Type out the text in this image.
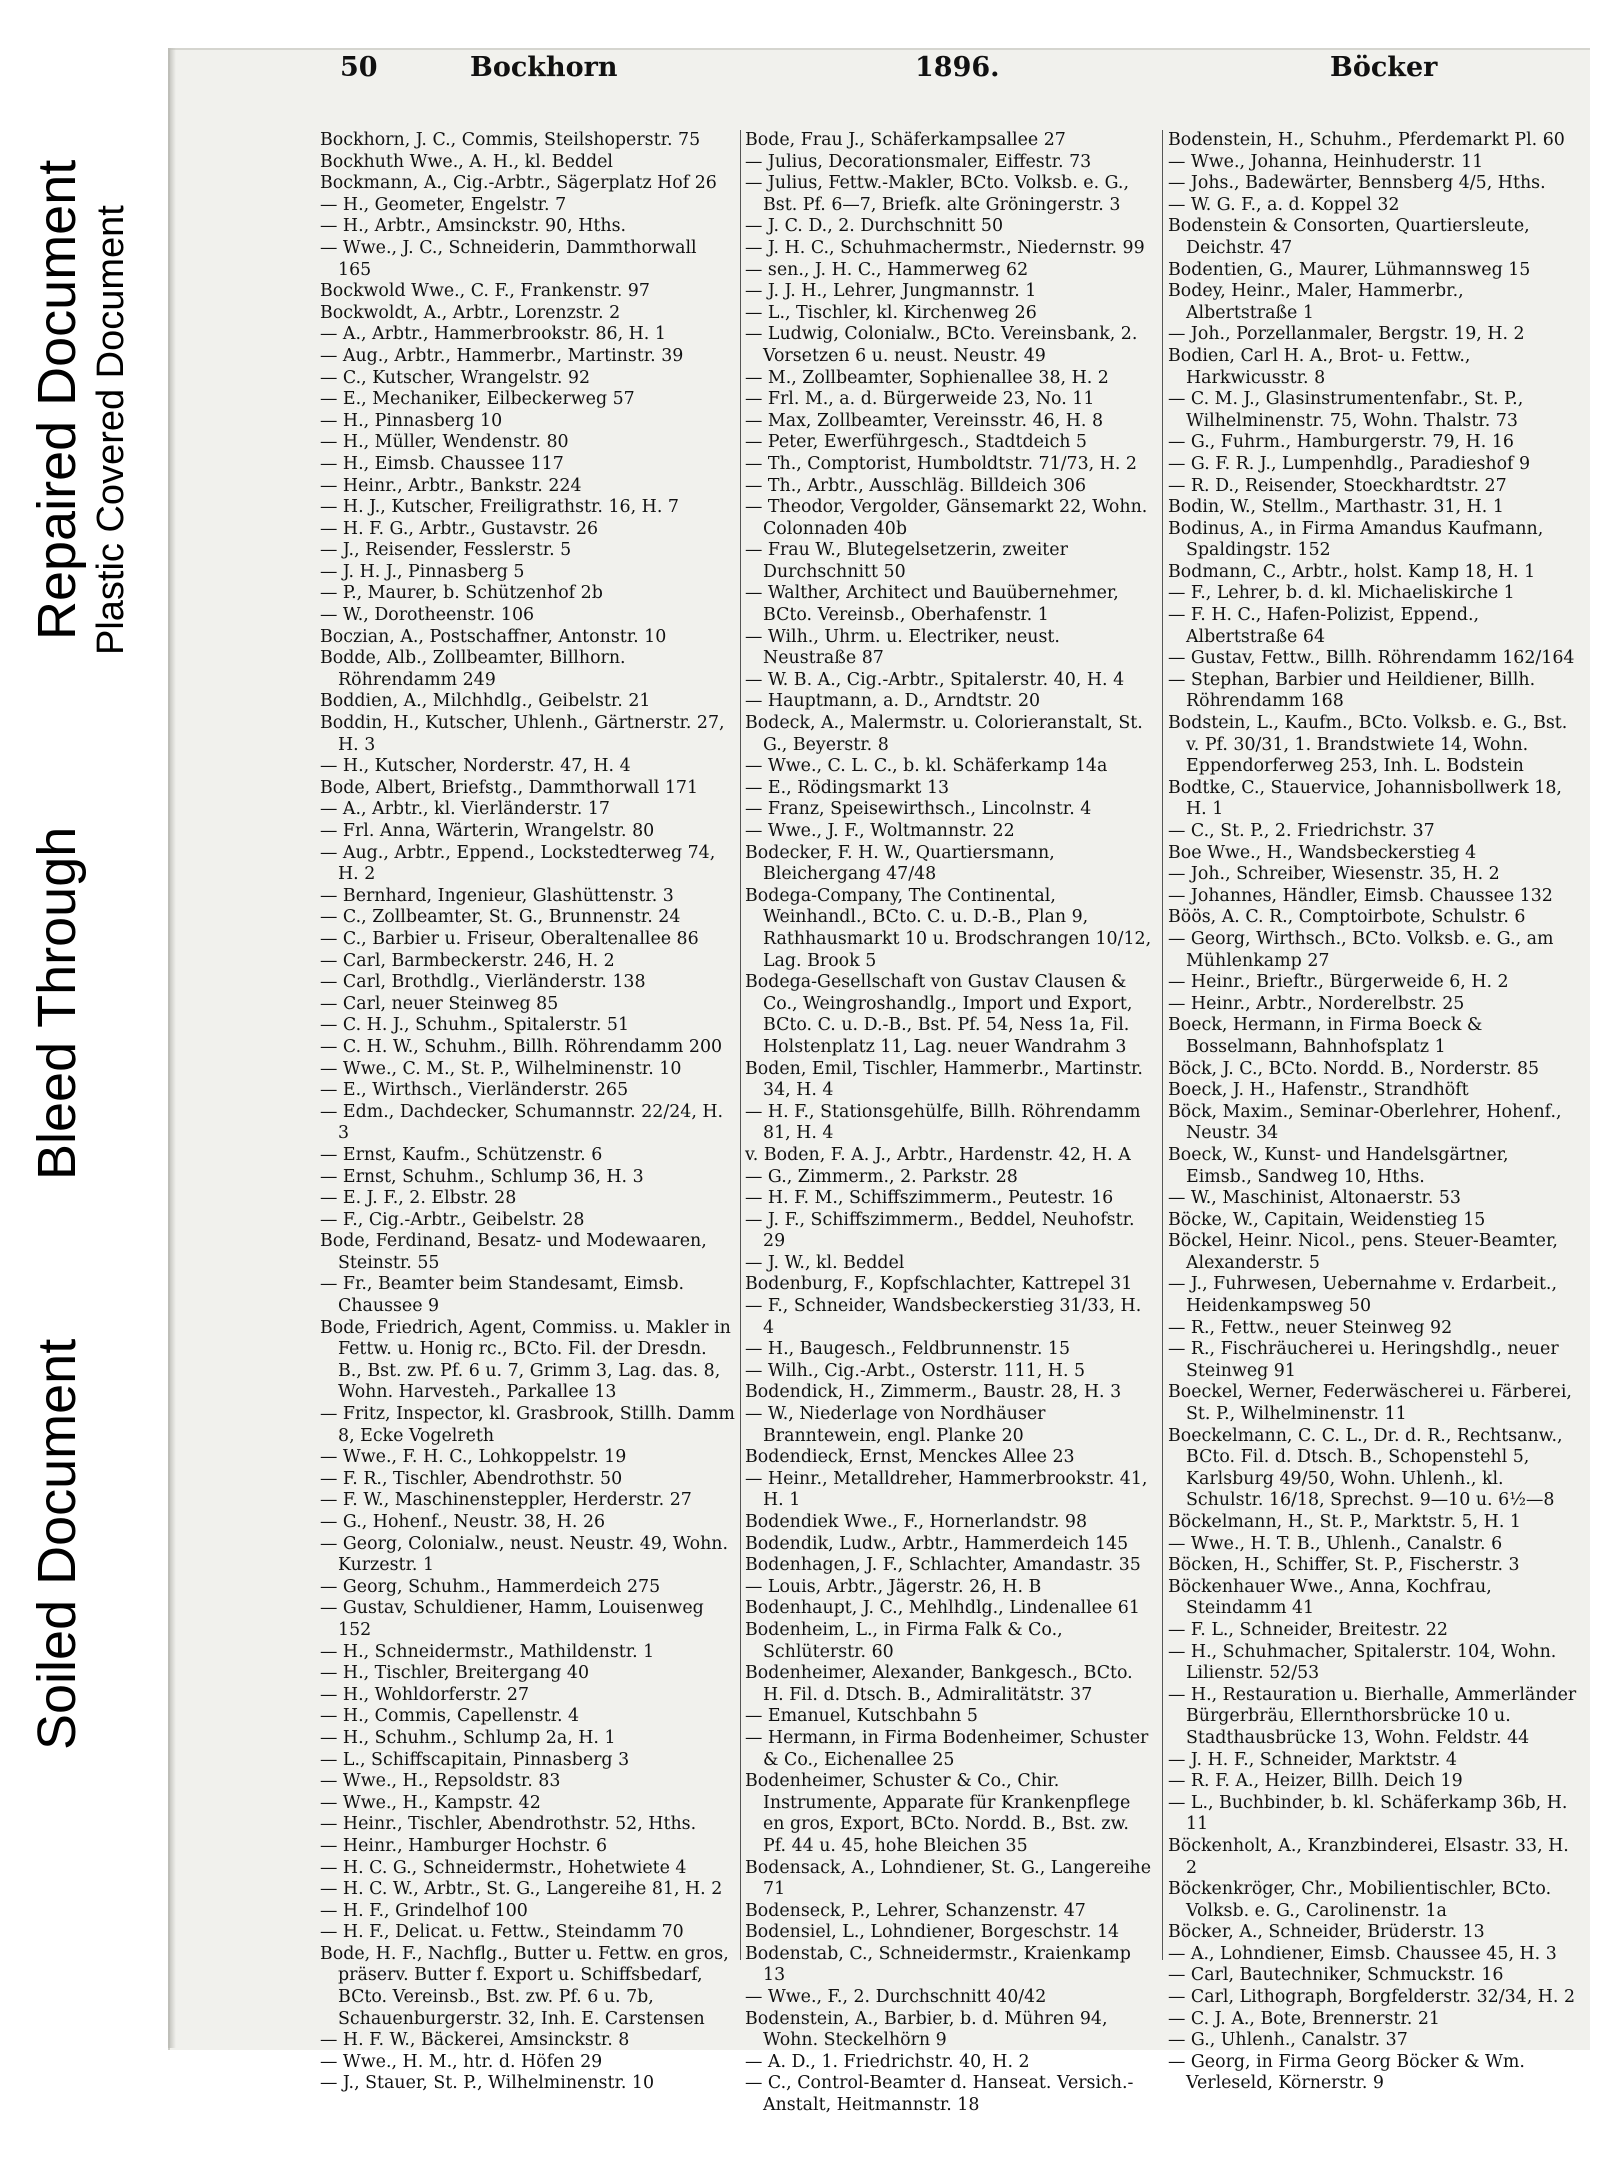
Soiled Document
Bleed Through
Repaired Document Plastic Covered Document
50	Bockhorn	1896.	Böcker
Bockhorn, J. C., Commis, Steilshoperstr. 75
Bockhuth Wwe., A. H., kl. Beddel
Bockmann, A., Cig.-Arbtr., Sägerplatz Hof 26
— H., Geometer, Engelstr. 7
— H., Arbtr., Amsinckstr. 90, Hths.
— Wwe., J. C., Schneiderin, Dammthorwall 165
Bockwold Wwe., C. F., Frankenstr. 97
Bockwoldt, A., Arbtr., Lorenzstr. 2
— A., Arbtr., Hammerbrookstr. 86, H. 1
— Aug., Arbtr., Hammerbr., Martinstr. 39
— C., Kutscher, Wrangelstr. 92
— E., Mechaniker, Eilbeckerweg 57
— H., Pinnasberg 10
— H., Müller, Wendenstr. 80
— H., Eimsb. Chaussee 117
— Heinr., Arbtr., Bankstr. 224
— H. J., Kutscher, Freiligrathstr. 16, H. 7
— H. F. G., Arbtr., Gustavstr. 26
— J., Reisender, Fesslerstr. 5
— J. H. J., Pinnasberg 5
— P., Maurer, b. Schützenhof 2b
— W., Dorotheenstr. 106
Boczian, A., Postschaffner, Antonstr. 10
Bodde, Alb., Zollbeamter, Billhorn. Röhrendamm 249
Boddien, A., Milchhdlg., Geibelstr. 21
Boddin, H., Kutscher, Uhlenh., Gärtnerstr. 27, H. 3
— H., Kutscher, Norderstr. 47, H. 4
Bode, Albert, Briefstg., Dammthorwall 171
— A., Arbtr., kl. Vierländerstr. 17
— Frl. Anna, Wärterin, Wrangelstr. 80
— Aug., Arbtr., Eppend., Lockstedterweg 74, H. 2
— Bernhard, Ingenieur, Glashüttenstr. 3
— C., Zollbeamter, St. G., Brunnenstr. 24
— C., Barbier u. Friseur, Oberaltenallee 86
— Carl, Barmbeckerstr. 246, H. 2
— Carl, Brothdlg., Vierländerstr. 138
— Carl, neuer Steinweg 85
— C. H. J., Schuhm., Spitalerstr. 51
— C. H. W., Schuhm., Billh. Röhrendamm 200
— Wwe., C. M., St. P., Wilhelminenstr. 10
— E., Wirthsch., Vierländerstr. 265
— Edm., Dachdecker, Schumannstr. 22/24, H. 3
— Ernst, Kaufm., Schützenstr. 6
— Ernst, Schuhm., Schlump 36, H. 3
— E. J. F., 2. Elbstr. 28
— F., Cig.-Arbtr., Geibelstr. 28
Bode, Ferdinand, Besatz- und Modewaaren, Steinstr. 55
— Fr., Beamter beim Standesamt, Eimsb. Chaussee 9
Bode, Friedrich, Agent, Commiss. u. Makler in Fettw. u. Honig rc., BCto. Fil. der Dresdn. B., Bst. zw. Pf. 6 u. 7, Grimm 3, Lag. das. 8, Wohn. Harvesteh., Parkallee 13
— Fritz, Inspector, kl. Grasbrook, Stillh. Damm 8, Ecke Vogelreth
— Wwe., F. H. C., Lohkoppelstr. 19
— F. R., Tischler, Abendrothstr. 50
— F. W., Maschinensteppler, Herderstr. 27
— G., Hohenf., Neustr. 38, H. 26
— Georg, Colonialw., neust. Neustr. 49, Wohn. Kurzestr. 1
— Georg, Schuhm., Hammerdeich 275
— Gustav, Schuldiener, Hamm, Louisenweg 152
— H., Schneidermstr., Mathildenstr. 1
— H., Tischler, Breitergang 40
— H., Wohldorferstr. 27
— H., Commis, Capellenstr. 4
— H., Schuhm., Schlump 2a, H. 1
— L., Schiffscapitain, Pinnasberg 3
— Wwe., H., Repsoldstr. 83
— Wwe., H., Kampstr. 42
— Heinr., Tischler, Abendrothstr. 52, Hths.
— Heinr., Hamburger Hochstr. 6
— H. C. G., Schneidermstr., Hohetwiete 4
— H. C. W., Arbtr., St. G., Langereihe 81, H. 2
— H. F., Grindelhof 100
— H. F., Delicat. u. Fettw., Steindamm 70
Bode, H. F., Nachflg., Butter u. Fettw. en gros, präserv. Butter f. Export u. Schiffsbedarf, BCto. Vereinsb., Bst. zw. Pf. 6 u. 7b, Schauenburgerstr. 32, Inh. E. Carstensen
— H. F. W., Bäckerei, Amsinckstr. 8
— Wwe., H. M., htr. d. Höfen 29
— J., Stauer, St. P., Wilhelminenstr. 10
Bode, Frau J., Schäferkampsallee 27
— Julius, Decorationsmaler, Eiffestr. 73
— Julius, Fettw.-Makler, BCto. Volksb. e. G., Bst. Pf. 6—7, Briefk. alte Gröningerstr. 3
— J. C. D., 2. Durchschnitt 50
— J. H. C., Schuhmachermstr., Niedernstr. 99
— sen., J. H. C., Hammerweg 62
— J. J. H., Lehrer, Jungmannstr. 1
— L., Tischler, kl. Kirchenweg 26
— Ludwig, Colonialw., BCto. Vereinsbank, 2. Vorsetzen 6 u. neust. Neustr. 49
— M., Zollbeamter, Sophienallee 38, H. 2
— Frl. M., a. d. Bürgerweide 23, No. 11
— Max, Zollbeamter, Vereinsstr. 46, H. 8
— Peter, Ewerführgesch., Stadtdeich 5
— Th., Comptorist, Humboldtstr. 71/73, H. 2
— Th., Arbtr., Ausschläg. Billdeich 306
— Theodor, Vergolder, Gänsemarkt 22, Wohn. Colonnaden 40b
— Frau W., Blutegelsetzerin, zweiter Durchschnitt 50
— Walther, Architect und Bauübernehmer, BCto. Vereinsb., Oberhafenstr. 1
— Wilh., Uhrm. u. Electriker, neust. Neustraße 87
— W. B. A., Cig.-Arbtr., Spitalerstr. 40, H. 4
— Hauptmann, a. D., Arndtstr. 20
Bodeck, A., Malermstr. u. Colorieranstalt, St. G., Beyerstr. 8
— Wwe., C. L. C., b. kl. Schäferkamp 14a
— E., Rödingsmarkt 13
— Franz, Speisewirthsch., Lincolnstr. 4
— Wwe., J. F., Woltmannstr. 22
Bodecker, F. H. W., Quartiersmann, Bleichergang 47/48
Bodega-Company, The Continental, Weinhandl., BCto. C. u. D.-B., Plan 9, Rathhausmarkt 10 u. Brodschrangen 10/12, Lag. Brook 5
Bodega-Gesellschaft von Gustav Clausen & Co., Weingroshandlg., Import und Export, BCto. C. u. D.-B., Bst. Pf. 54, Ness 1a, Fil. Holstenplatz 11, Lag. neuer Wandrahm 3
Boden, Emil, Tischler, Hammerbr., Martinstr. 34, H. 4
— H. F., Stationsgehülfe, Billh. Röhrendamm 81, H. 4
v. Boden, F. A. J., Arbtr., Hardenstr. 42, H. A
— G., Zimmerm., 2. Parkstr. 28
— H. F. M., Schiffszimmerm., Peutestr. 16
— J. F., Schiffszimmerm., Beddel, Neuhofstr. 29
— J. W., kl. Beddel
Bodenburg, F., Kopfschlachter, Kattrepel 31
— F., Schneider, Wandsbeckerstieg 31/33, H. 4
— H., Baugesch., Feldbrunnenstr. 15
— Wilh., Cig.-Arbt., Osterstr. 111, H. 5
Bodendick, H., Zimmerm., Baustr. 28, H. 3
— W., Niederlage von Nordhäuser Branntewein, engl. Planke 20
Bodendieck, Ernst, Menckes Allee 23
— Heinr., Metalldreher, Hammerbrookstr. 41, H. 1
Bodendiek Wwe., F., Hornerlandstr. 98
Bodendik, Ludw., Arbtr., Hammerdeich 145
Bodenhagen, J. F., Schlachter, Amandastr. 35
— Louis, Arbtr., Jägerstr. 26, H. B
Bodenhaupt, J. C., Mehlhdlg., Lindenallee 61
Bodenheim, L., in Firma Falk & Co., Schlüterstr. 60
Bodenheimer, Alexander, Bankgesch., BCto. H. Fil. d. Dtsch. B., Admiralitätstr. 37
— Emanuel, Kutschbahn 5
— Hermann, in Firma Bodenheimer, Schuster & Co., Eichenallee 25
Bodenheimer, Schuster & Co., Chir. Instrumente, Apparate für Krankenpflege en gros, Export, BCto. Nordd. B., Bst. zw. Pf. 44 u. 45, hohe Bleichen 35
Bodensack, A., Lohndiener, St. G., Langereihe 71
Bodenseck, P., Lehrer, Schanzenstr. 47
Bodensiel, L., Lohndiener, Borgeschstr. 14
Bodenstab, C., Schneidermstr., Kraienkamp 13
— Wwe., F., 2. Durchschnitt 40/42
Bodenstein, A., Barbier, b. d. Mühren 94, Wohn. Steckelhörn 9
— A. D., 1. Friedrichstr. 40, H. 2
— C., Control-Beamter d. Hanseat. Versich.-Anstalt, Heitmannstr. 18
Bodenstein, H., Schuhm., Pferdemarkt Pl. 60
— Wwe., Johanna, Heinhuderstr. 11
— Johs., Badewärter, Bennsberg 4/5, Hths.
— W. G. F., a. d. Koppel 32
Bodenstein & Consorten, Quartiersleute, Deichstr. 47
Bodentien, G., Maurer, Lühmannsweg 15
Bodey, Heinr., Maler, Hammerbr., Albertstraße 1
— Joh., Porzellanmaler, Bergstr. 19, H. 2
Bodien, Carl H. A., Brot- u. Fettw., Harkwicusstr. 8
— C. M. J., Glasinstrumentenfabr., St. P., Wilhelminenstr. 75, Wohn. Thalstr. 73
— G., Fuhrm., Hamburgerstr. 79, H. 16
— G. F. R. J., Lumpenhdlg., Paradieshof 9
— R. D., Reisender, Stoeckhardtstr. 27
Bodin, W., Stellm., Marthastr. 31, H. 1
Bodinus, A., in Firma Amandus Kaufmann, Spaldingstr. 152
Bodmann, C., Arbtr., holst. Kamp 18, H. 1
— F., Lehrer, b. d. kl. Michaeliskirche 1
— F. H. C., Hafen-Polizist, Eppend., Albertstraße 64
— Gustav, Fettw., Billh. Röhrendamm 162/164
— Stephan, Barbier und Heildiener, Billh. Röhrendamm 168
Bodstein, L., Kaufm., BCto. Volksb. e. G., Bst. v. Pf. 30/31, 1. Brandstwiete 14, Wohn. Eppendorferweg 253, Inh. L. Bodstein
Bodtke, C., Stauervice, Johannisbollwerk 18, H. 1
— C., St. P., 2. Friedrichstr. 37
Boe Wwe., H., Wandsbeckerstieg 4
— Joh., Schreiber, Wiesenstr. 35, H. 2
— Johannes, Händler, Eimsb. Chaussee 132
Böös, A. C. R., Comptoirbote, Schulstr. 6
— Georg, Wirthsch., BCto. Volksb. e. G., am Mühlenkamp 27
— Heinr., Brieftr., Bürgerweide 6, H. 2
— Heinr., Arbtr., Norderelbstr. 25
Boeck, Hermann, in Firma Boeck & Bosselmann, Bahnhofsplatz 1
Böck, J. C., BCto. Nordd. B., Norderstr. 85
Boeck, J. H., Hafenstr., Strandhöft
Böck, Maxim., Seminar-Oberlehrer, Hohenf., Neustr. 34
Boeck, W., Kunst- und Handelsgärtner, Eimsb., Sandweg 10, Hths.
— W., Maschinist, Altonaerstr. 53
Böcke, W., Capitain, Weidenstieg 15
Böckel, Heinr. Nicol., pens. Steuer-Beamter, Alexanderstr. 5
— J., Fuhrwesen, Uebernahme v. Erdarbeit., Heidenkampsweg 50
— R., Fettw., neuer Steinweg 92
— R., Fischräucherei u. Heringshdlg., neuer Steinweg 91
Boeckel, Werner, Federwäscherei u. Färberei, St. P., Wilhelminenstr. 11
Boeckelmann, C. C. L., Dr. d. R., Rechtsanw., BCto. Fil. d. Dtsch. B., Schopenstehl 5, Karlsburg 49/50, Wohn. Uhlenh., kl. Schulstr. 16/18, Sprechst. 9—10 u. 6½—8
Böckelmann, H., St. P., Marktstr. 5, H. 1
— Wwe., H. T. B., Uhlenh., Canalstr. 6
Böcken, H., Schiffer, St. P., Fischerstr. 3
Böckenhauer Wwe., Anna, Kochfrau, Steindamm 41
— F. L., Schneider, Breitestr. 22
— H., Schuhmacher, Spitalerstr. 104, Wohn. Lilienstr. 52/53
— H., Restauration u. Bierhalle, Ammerländer Bürgerbräu, Ellernthorsbrücke 10 u. Stadthausbrücke 13, Wohn. Feldstr. 44
— J. H. F., Schneider, Marktstr. 4
— R. F. A., Heizer, Billh. Deich 19
— L., Buchbinder, b. kl. Schäferkamp 36b, H. 11
Böckenholt, A., Kranzbinderei, Elsastr. 33, H. 2
Böckenkröger, Chr., Mobilientischler, BCto. Volksb. e. G., Carolinenstr. 1a
Böcker, A., Schneider, Brüderstr. 13
— A., Lohndiener, Eimsb. Chaussee 45, H. 3
— Carl, Bautechniker, Schmuckstr. 16
— Carl, Lithograph, Borgfelderstr. 32/34, H. 2
— C. J. A., Bote, Brennerstr. 21
— G., Uhlenh., Canalstr. 37
— Georg, in Firma Georg Böcker & Wm. Verleseld, Körnerstr. 9
